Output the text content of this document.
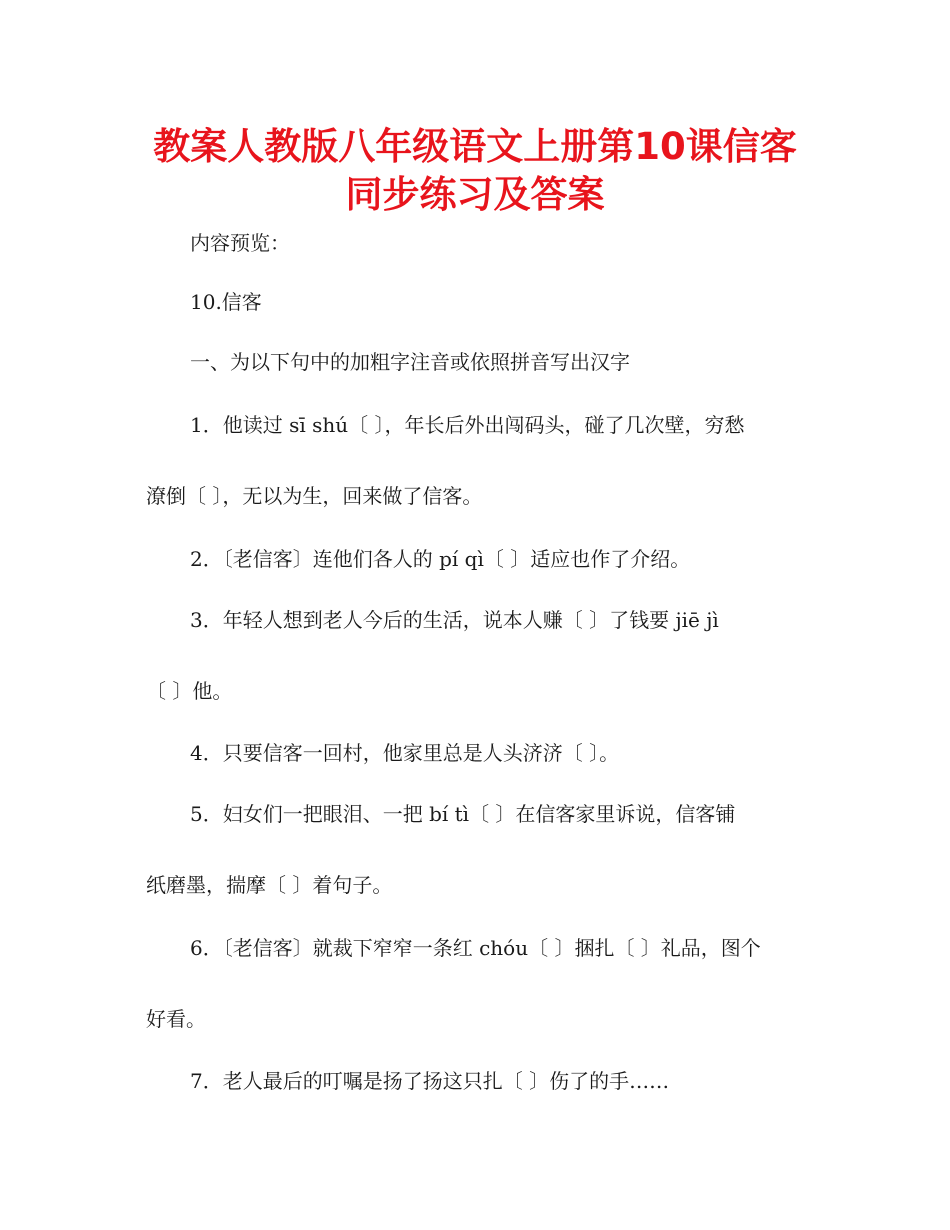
教案人教版八年级语文上册第10课信客
同步练习及答案

内容预览：

10.信客

一、为以下句中的加粗字注音或依照拼音写出汉字

1．他读过 sī shú〔 〕，年长后外出闯码头，碰了几次壁，穷愁

潦倒〔 〕，无以为生，回来做了信客。

2．〔老信客〕连他们各人的 pí qì〔 〕适应也作了介绍。

3．年轻人想到老人今后的生活，说本人赚〔 〕了钱要 jiē jì

〔 〕他。

4．只要信客一回村，他家里总是人头济济〔 〕。

5．妇女们一把眼泪、一把 bí tì〔 〕在信客家里诉说，信客铺

纸磨墨，揣摩〔 〕着句子。

6．〔老信客〕就裁下窄窄一条红 chóu〔 〕捆扎〔 〕礼品，图个

好看。

7．老人最后的叮嘱是扬了扬这只扎〔 〕伤了的手……
